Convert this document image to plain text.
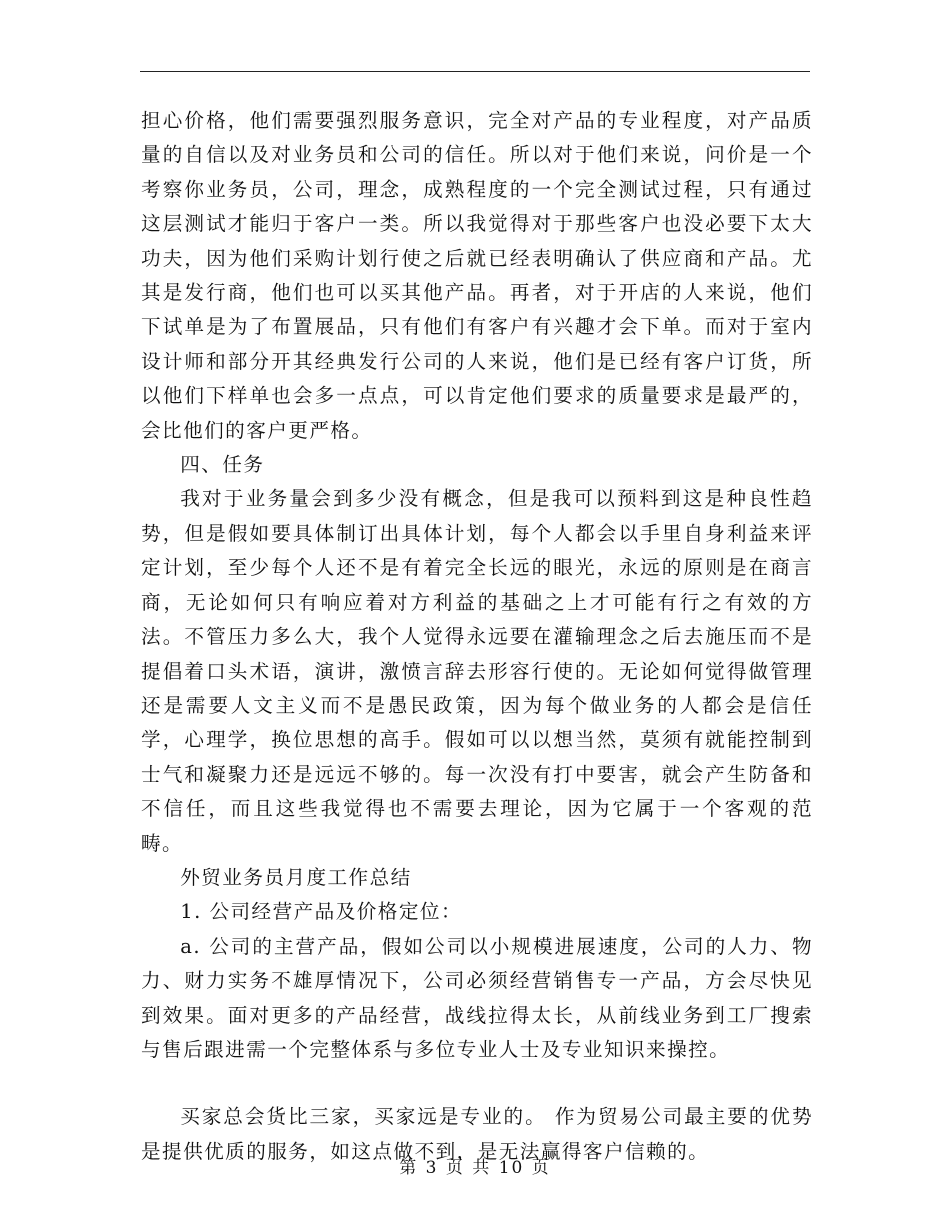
担心价格，他们需要强烈服务意识，完全对产品的专业程度，对产品质量的自信以及对业务员和公司的信任。所以对于他们来说，问价是一个考察你业务员，公司，理念，成熟程度的一个完全测试过程，只有通过这层测试才能归于客户一类。所以我觉得对于那些客户也没必要下太大功夫，因为他们采购计划行使之后就已经表明确认了供应商和产品。尤其是发行商，他们也可以买其他产品。再者，对于开店的人来说，他们下试单是为了布置展品，只有他们有客户有兴趣才会下单。而对于室内设计师和部分开其经典发行公司的人来说，他们是已经有客户订货，所以他们下样单也会多一点点，可以肯定他们要求的质量要求是最严的，会比他们的客户更严格。

四、任务

我对于业务量会到多少没有概念，但是我可以预料到这是种良性趋势，但是假如要具体制订出具体计划，每个人都会以手里自身利益来评定计划，至少每个人还不是有着完全长远的眼光，永远的原则是在商言商，无论如何只有响应着对方利益的基础之上才可能有行之有效的方法。不管压力多么大，我个人觉得永远要在灌输理念之后去施压而不是提倡着口头术语，演讲，激愤言辞去形容行使的。无论如何觉得做管理还是需要人文主义而不是愚民政策，因为每个做业务的人都会是信任学，心理学，换位思想的高手。假如可以以想当然，莫须有就能控制到士气和凝聚力还是远远不够的。每一次没有打中要害，就会产生防备和不信任，而且这些我觉得也不需要去理论，因为它属于一个客观的范畴。

外贸业务员月度工作总结

1. 公司经营产品及价格定位：

a. 公司的主营产品，假如公司以小规模进展速度，公司的人力、物力、财力实务不雄厚情况下，公司必须经营销售专一产品，方会尽快见到效果。面对更多的产品经营，战线拉得太长，从前线业务到工厂搜索与售后跟进需一个完整体系与多位专业人士及专业知识来操控。

买家总会货比三家，买家远是专业的。 作为贸易公司最主要的优势是提供优质的服务，如这点做不到，是无法赢得客户信赖的。

第 3 页 共 10 页
